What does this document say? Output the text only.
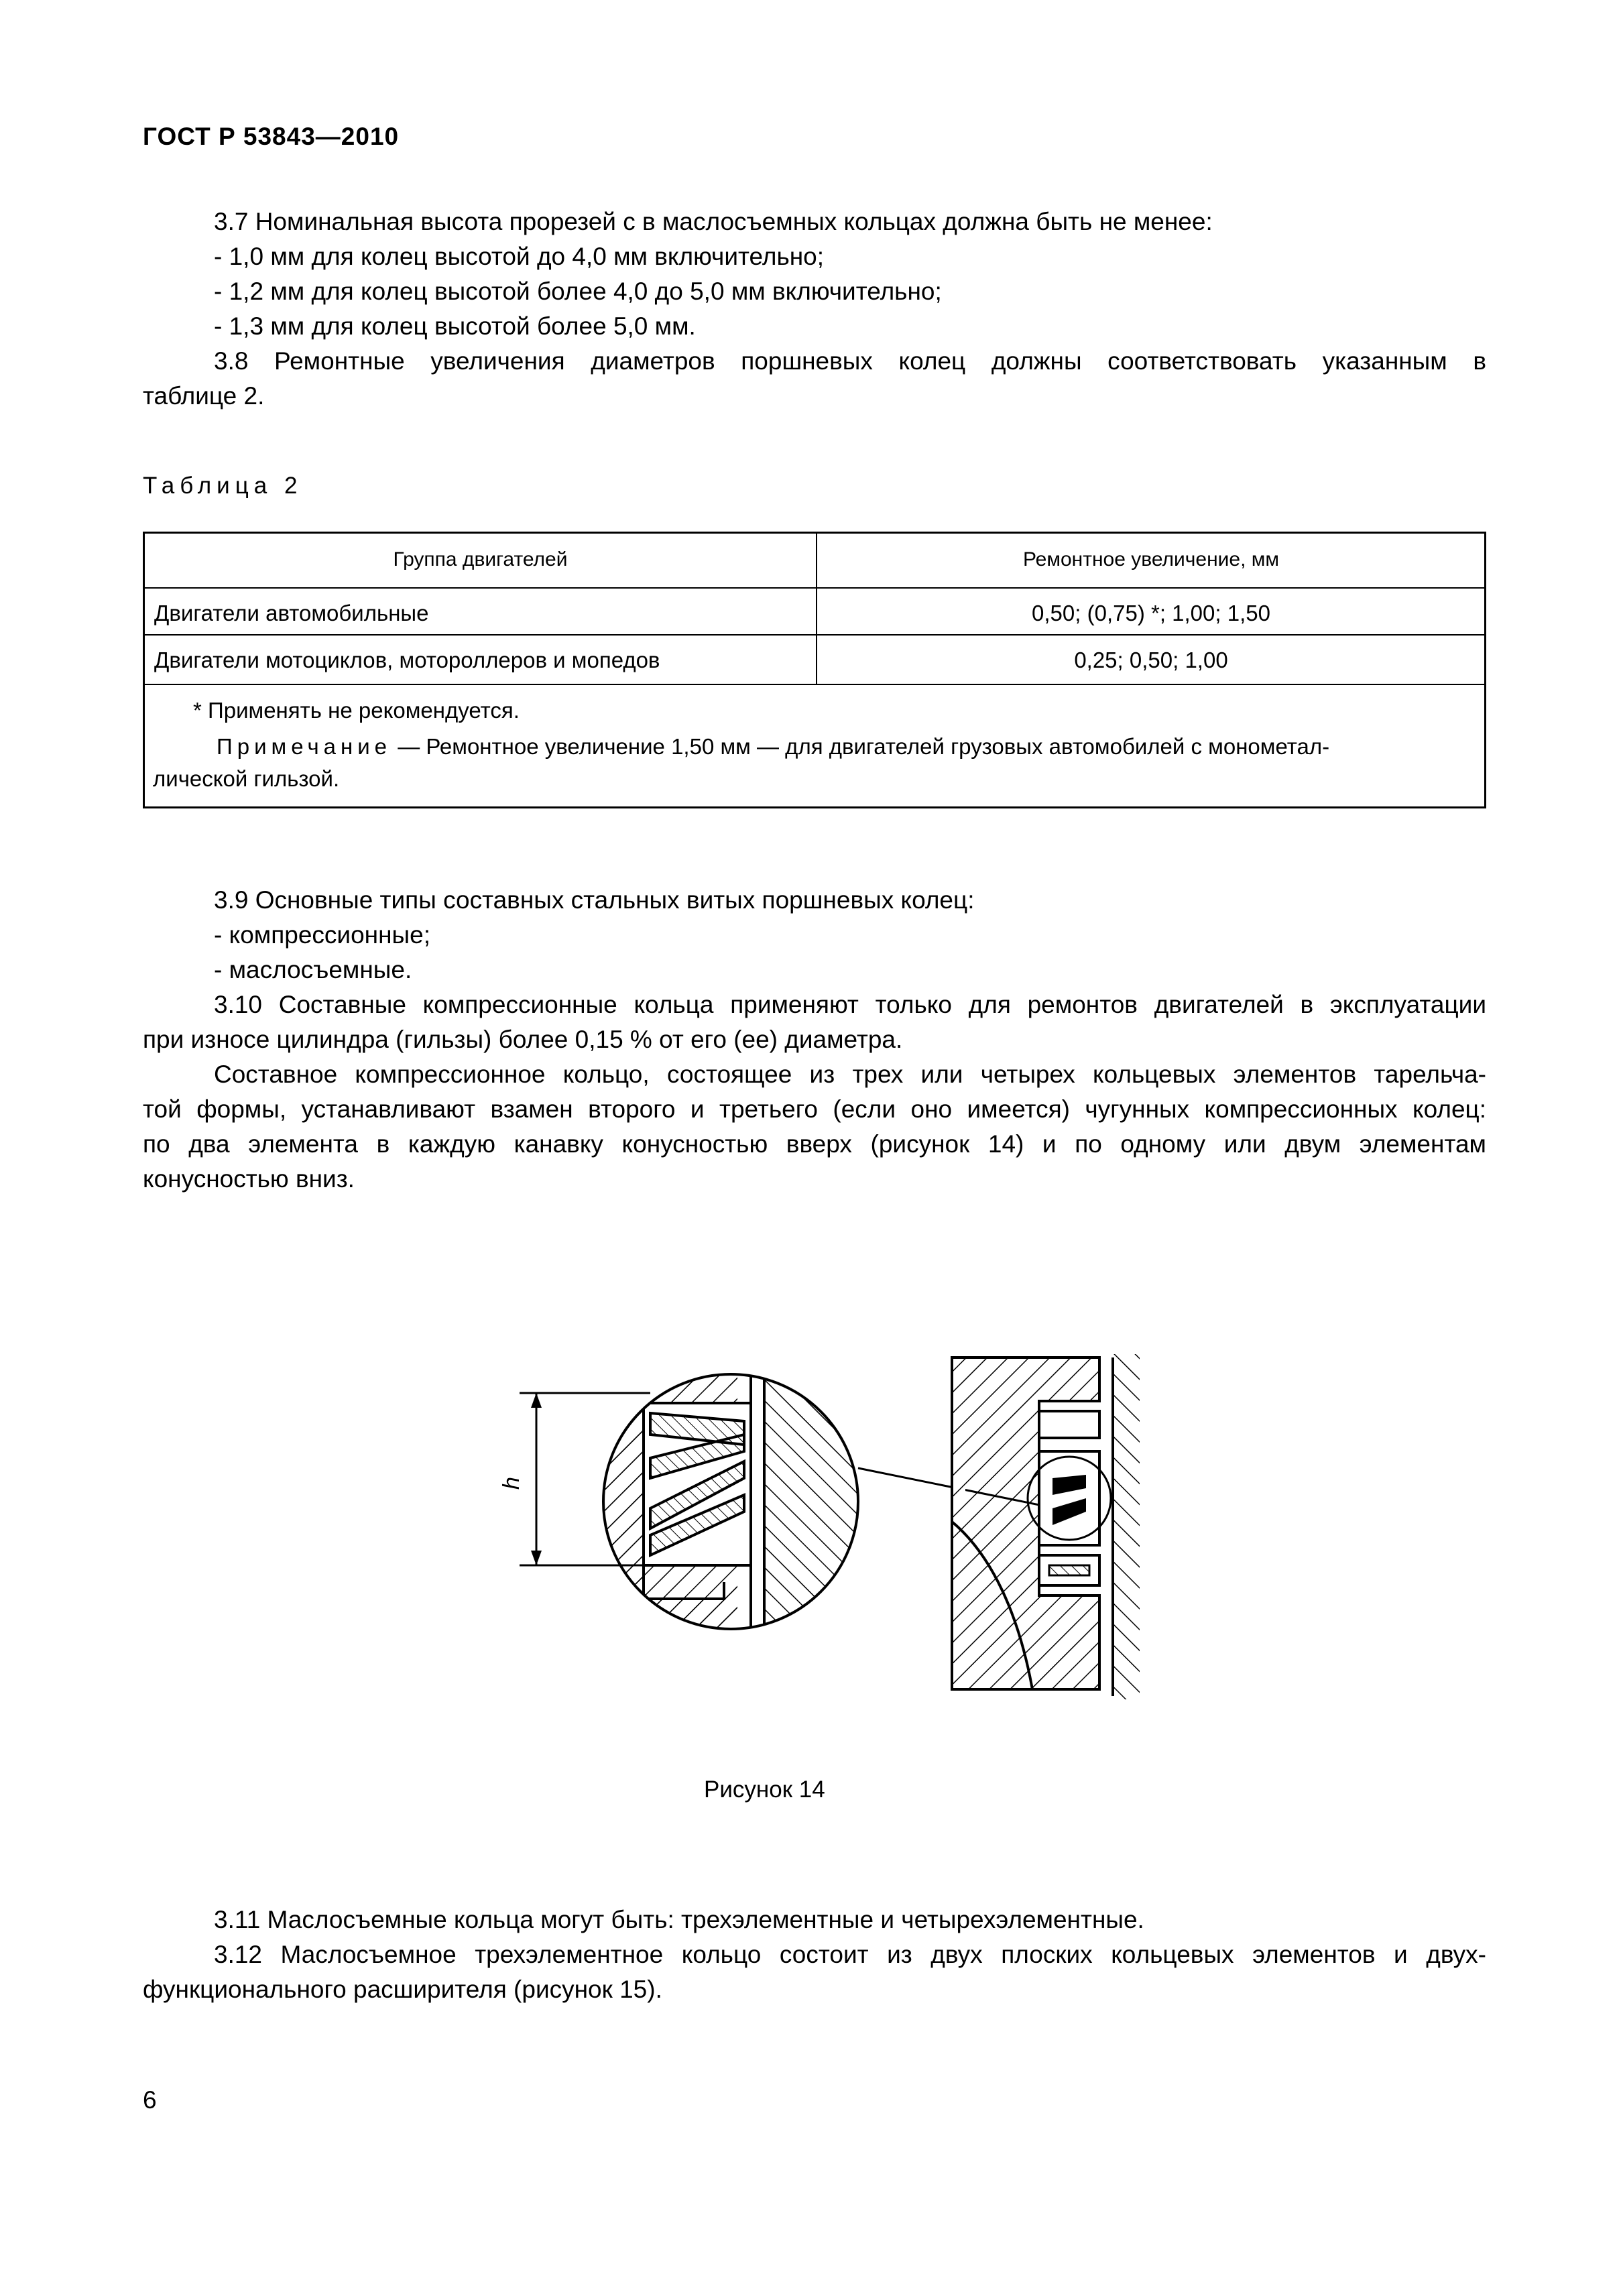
ГОСТ Р 53843—2010
3.7 Номинальная высота прорезей c в маслосъемных кольцах должна быть не менее:
- 1,0 мм для колец высотой до 4,0 мм включительно;
- 1,2 мм для колец высотой более 4,0 до 5,0 мм включительно;
- 1,3 мм для колец высотой более 5,0 мм.
3.8 Ремонтные увеличения диаметров поршневых колец должны соответствовать указанным в
таблице 2.
Таблица 2
Группа двигателей	Ремонтное увеличение, мм
Двигатели автомобильные	0,50; (0,75) *; 1,00; 1,50
Двигатели мотоциклов, мотороллеров и мопедов	0,25; 0,50; 1,00
* Применять не рекомендуется.
Примечание — Ремонтное увеличение 1,50 мм — для двигателей грузовых автомобилей с монометал-
лической гильзой.
3.9 Основные типы составных стальных витых поршневых колец:
- компрессионные;
- маслосъемные.
3.10 Составные компрессионные кольца применяют только для ремонтов двигателей в эксплуатации
при износе цилиндра (гильзы) более 0,15 % от его (ее) диаметра.
Составное компрессионное кольцо, состоящее из трех или четырех кольцевых элементов тарельча-
той формы, устанавливают взамен второго и третьего (если оно имеется) чугунных компрессионных колец:
по два элемента в каждую канавку конусностью вверх (рисунок 14) и по одному или двум элементам
конусностью вниз.
h
Рисунок 14
3.11 Маслосъемные кольца могут быть: трехэлементные и четырехэлементные.
3.12 Маслосъемное трехэлементное кольцо состоит из двух плоских кольцевых элементов и двух-
функционального расширителя (рисунок 15).
6
